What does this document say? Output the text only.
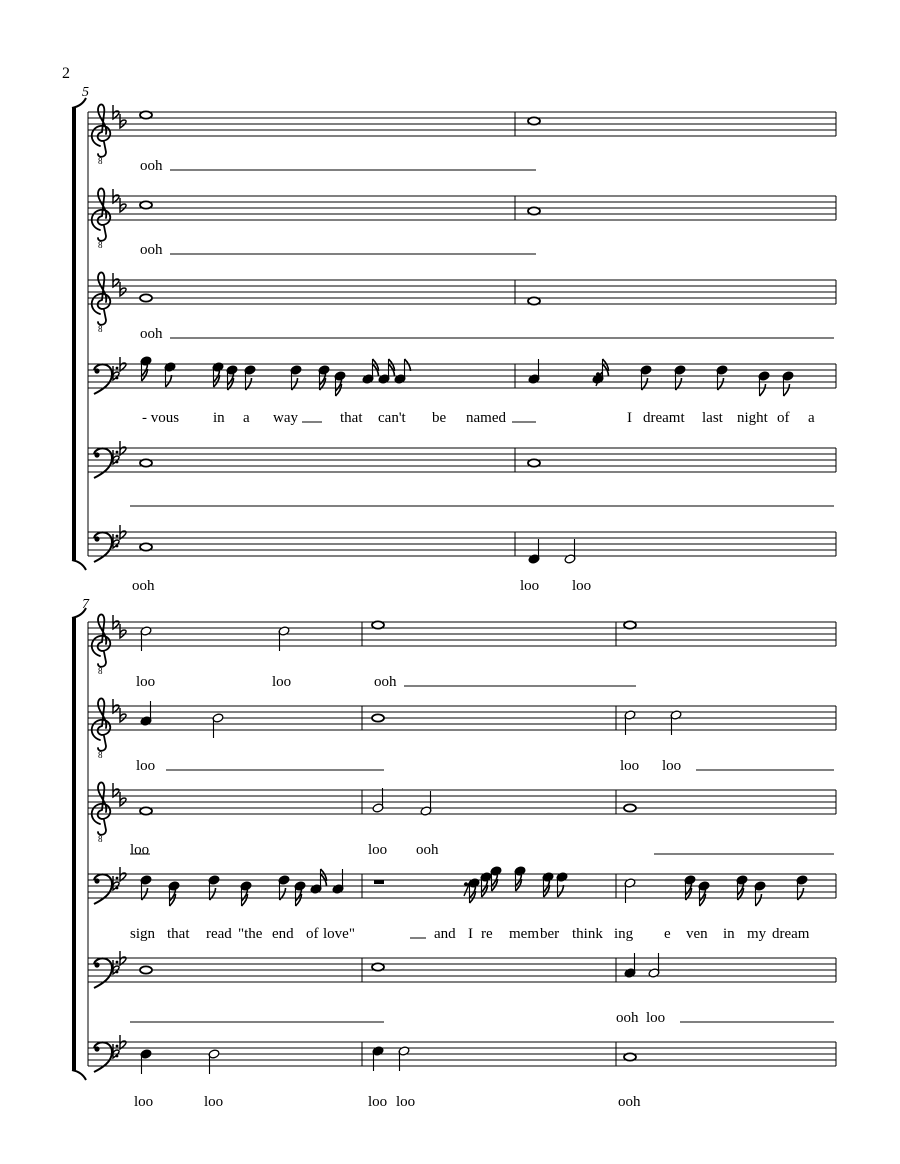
2
5
8	ooh
8	ooh
8	ooh
- vous in a way	that can't be named	I dreamt last night of a
ooh	loo loo
7
8
loo	loo	ooh
8
loo	loo loo
8
loo	loo ooh
sign that read "the end of love"	and I re mem ber think ing e ven in my dream
ooh loo
loo	loo	loo loo	ooh
